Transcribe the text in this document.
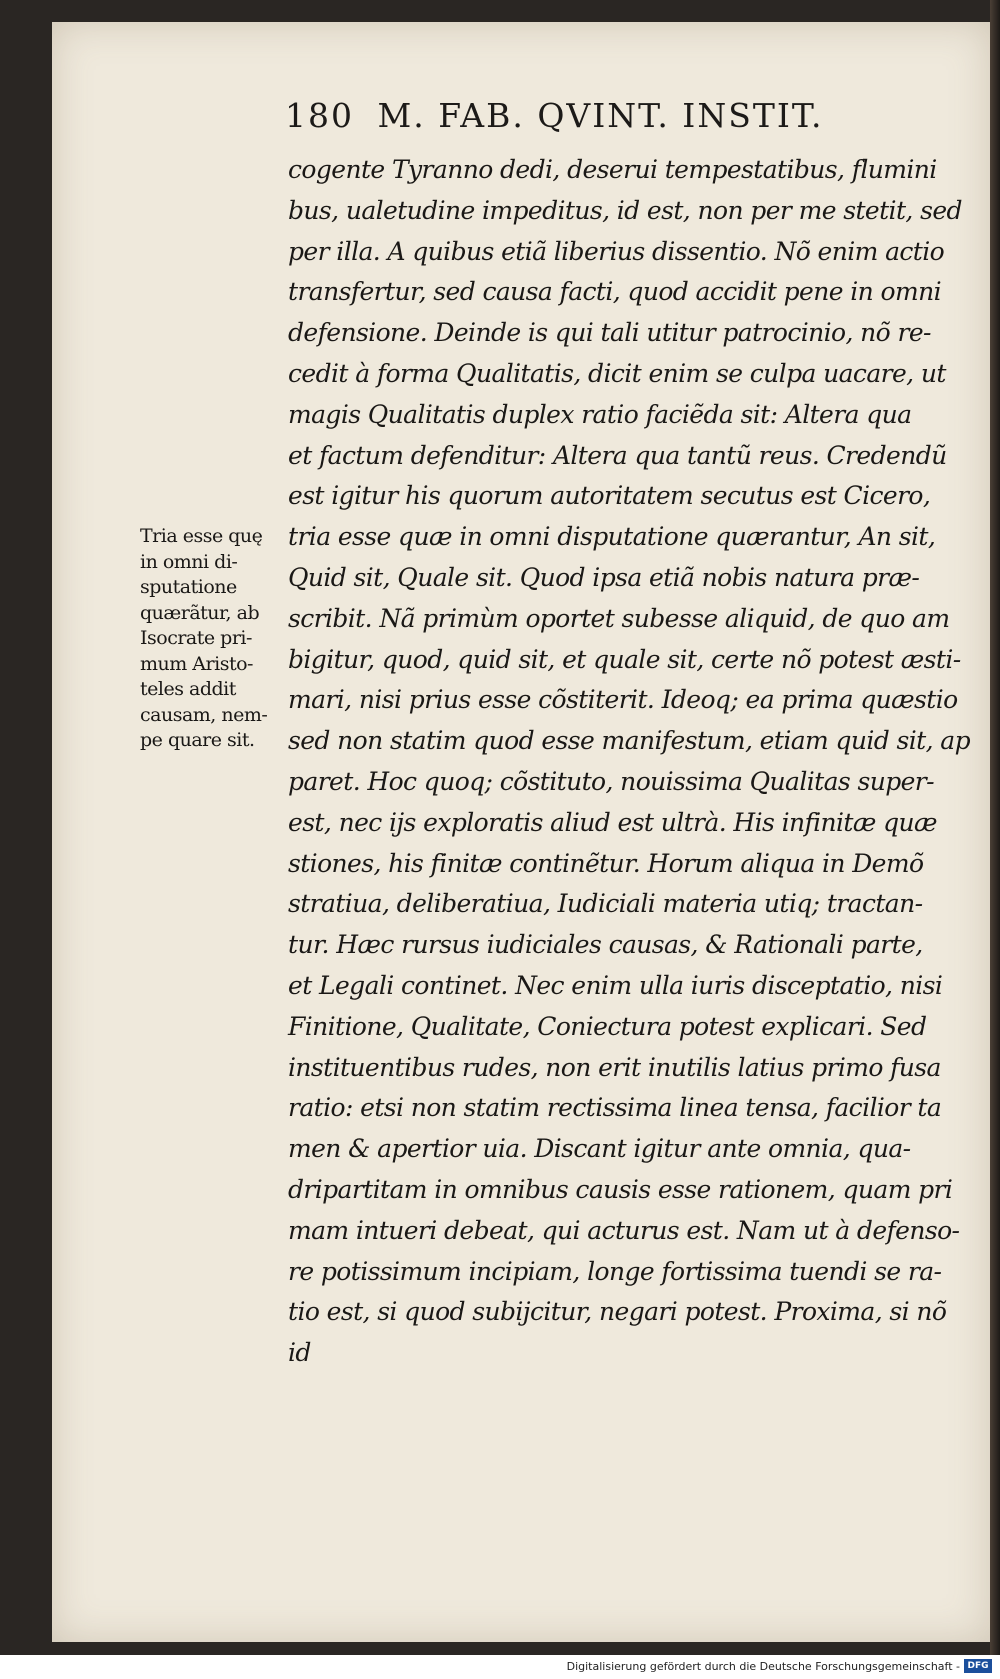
180 M. FAB. QVINT. INSTIT.
cogente Tyranno dedi, deserui tempestatibus, flumini
bus, ualetudine impeditus, id est, non per me stetit, sed
per illa. A quibus etiã liberius dissentio. Nõ enim actio
transfertur, sed causa facti, quod accidit pene in omni
defensione. Deinde is qui tali utitur patrocinio, nõ re-
cedit à forma Qualitatis, dicit enim se culpa uacare, ut
magis Qualitatis duplex ratio faciẽda sit: Altera qua
et factum defenditur: Altera qua tantũ reus. Credendũ
est igitur his quorum autoritatem secutus est Cicero,
tria esse quæ in omni disputatione quærantur, An sit,
Quid sit, Quale sit. Quod ipsa etiã nobis natura præ-
scribit. Nã primùm oportet subesse aliquid, de quo am
bigitur, quod, quid sit, et quale sit, certe nõ potest æsti-
mari, nisi prius esse cõstiterit. Ideoq; ea prima quæstio
sed non statim quod esse manifestum, etiam quid sit, ap
paret. Hoc quoq; cõstituto, nouissima Qualitas super-
est, nec ijs exploratis aliud est ultrà. His infinitæ quæ
stiones, his finitæ continẽtur. Horum aliqua in Demõ
stratiua, deliberatiua, Iudiciali materia utiq; tractan-
tur. Hæc rursus iudiciales causas, & Rationali parte,
et Legali continet. Nec enim ulla iuris disceptatio, nisi
Finitione, Qualitate, Coniectura potest explicari. Sed
instituentibus rudes, non erit inutilis latius primo fusa
ratio: etsi non statim rectissima linea tensa, facilior ta
men & apertior uia. Discant igitur ante omnia, qua-
dripartitam in omnibus causis esse rationem, quam pri
mam intueri debeat, qui acturus est. Nam ut à defenso-
re potissimum incipiam, longe fortissima tuendi se ra-
tio est, si quod subijcitur, negari potest. Proxima, si nõ
id
Tria esse quę
in omni di-
sputatione
quærãtur, ab
Isocrate pri-
mum Aristo-
teles addit
causam, nem-
pe quare sit.
Digitalisierung gefördert durch die Deutsche Forschungsgemeinschaft - DFG
